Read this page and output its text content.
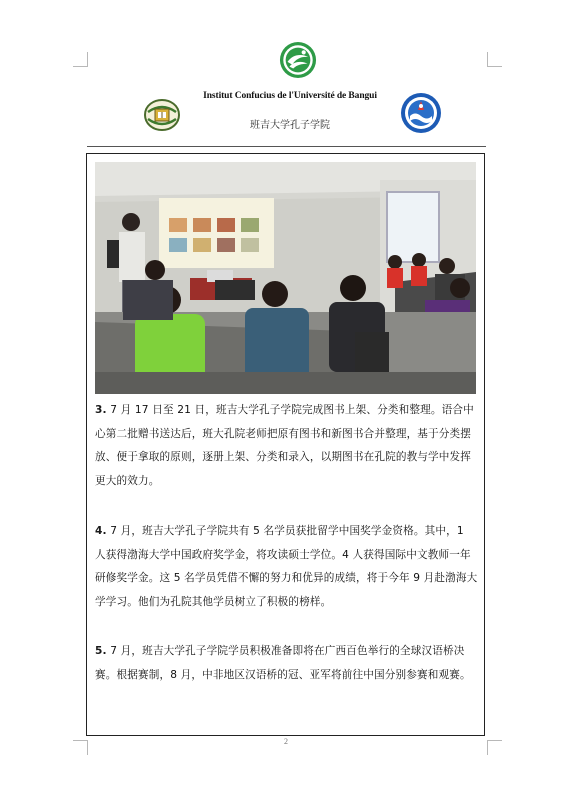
Institut Confucius de l'Université de Bangui
班吉大学孔子学院
3. 7 月 17 日至 21 日，班吉大学孔子学院完成图书上架、分类和整理。语合中心第二批赠书送达后，班大孔院老师把原有图书和新图书合并整理，基于分类摆放、便于拿取的原则，逐册上架、分类和录入，以期图书在孔院的教与学中发挥更大的效力。
4. 7 月，班吉大学孔子学院共有 5 名学员获批留学中国奖学金资格。其中，1 人获得渤海大学中国政府奖学金，将攻读硕士学位。4 人获得国际中文教师一年研修奖学金。这 5 名学员凭借不懈的努力和优异的成绩，将于今年 9 月赴渤海大学学习。他们为孔院其他学员树立了积极的榜样。
5. 7 月，班吉大学孔子学院学员积极准备即将在广西百色举行的全球汉语桥决赛。根据赛制，8 月，中非地区汉语桥的冠、亚军将前往中国分别参赛和观赛。
2
